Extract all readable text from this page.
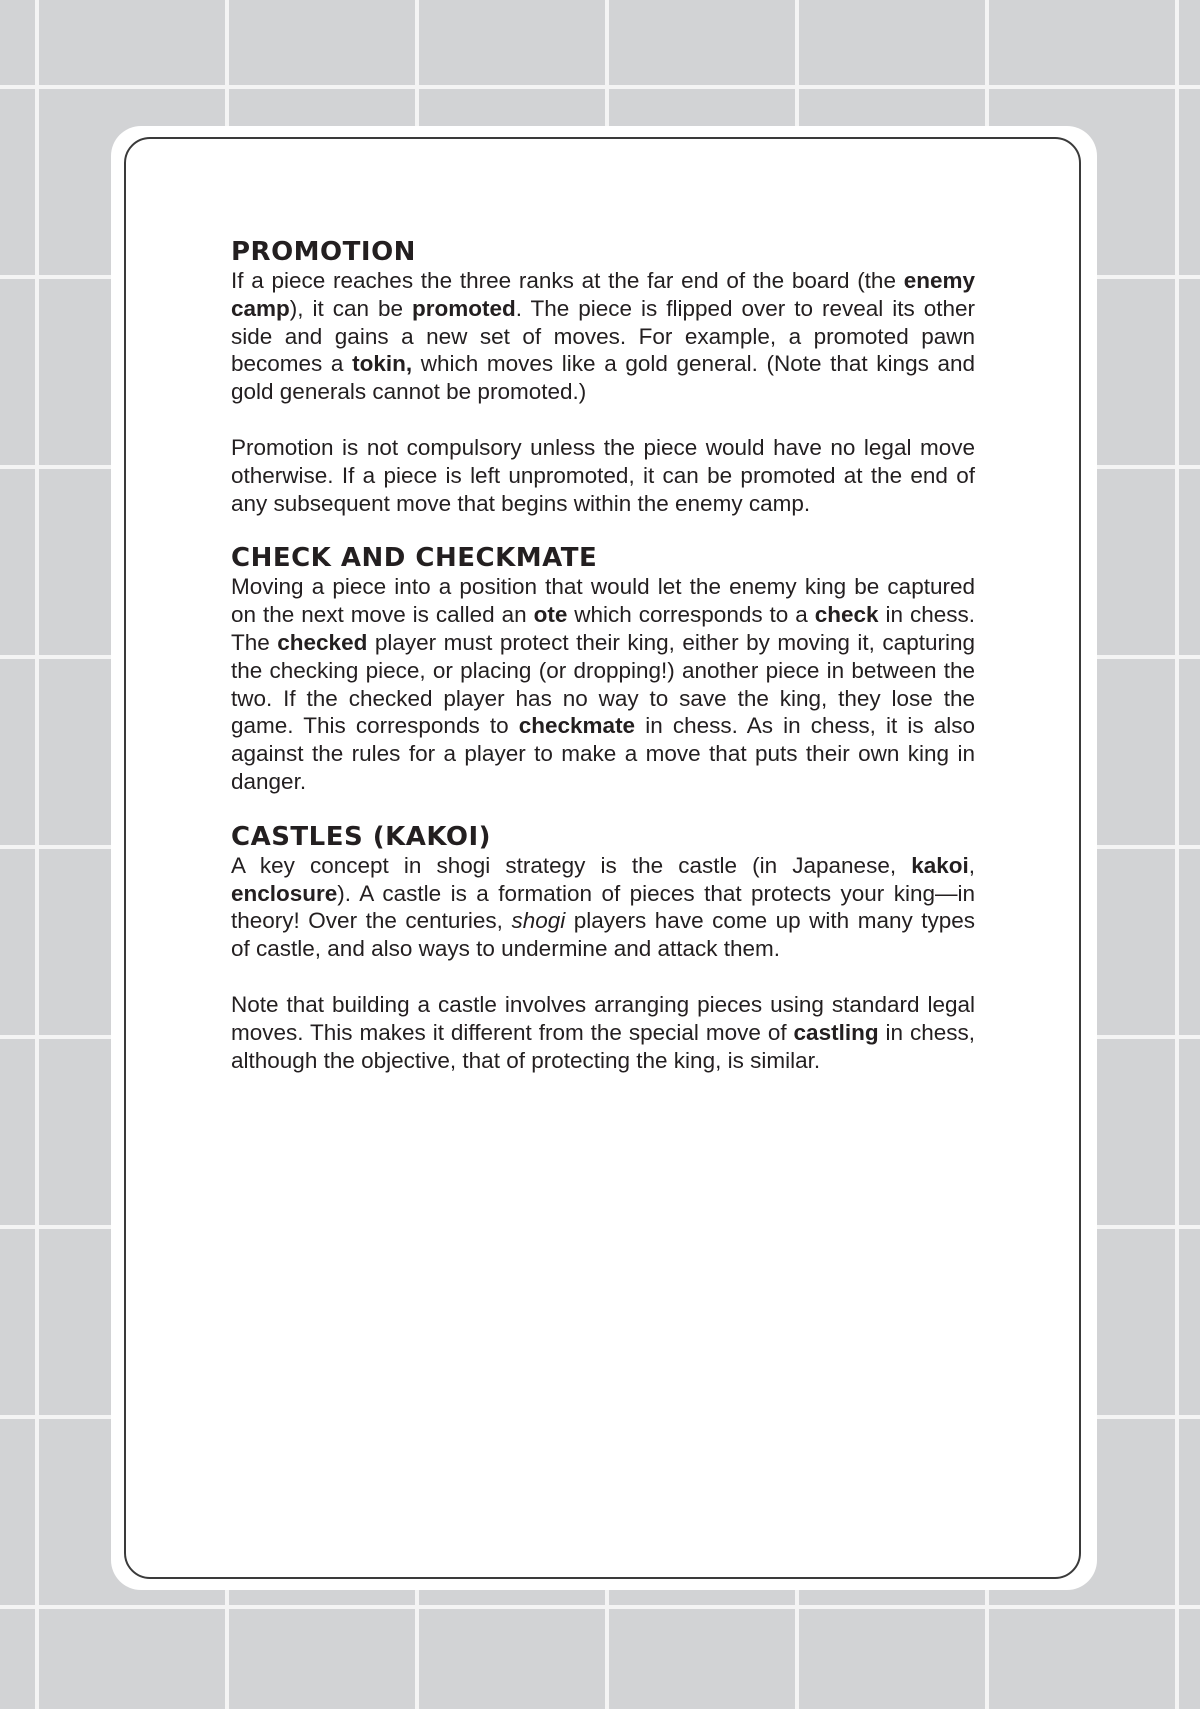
PROMOTION

If a piece reaches the three ranks at the far end of the board (the enemy camp), it can be promoted. The piece is flipped over to reveal its other side and gains a new set of moves. For example, a promoted pawn becomes a tokin, which moves like a gold general. (Note that kings and gold generals cannot be promoted.)

Promotion is not compulsory unless the piece would have no legal move otherwise. If a piece is left unpromoted, it can be promoted at the end of any subsequent move that begins within the enemy camp.

CHECK AND CHECKMATE

Moving a piece into a position that would let the enemy king be captured on the next move is called an ote which corresponds to a check in chess. The checked player must protect their king, either by moving it, capturing the checking piece, or placing (or dropping!) another piece in between the two. If the checked player has no way to save the king, they lose the game. This corresponds to checkmate in chess. As in chess, it is also against the rules for a player to make a move that puts their own king in danger.

CASTLES (KAKOI)

A key concept in shogi strategy is the castle (in Japanese, kakoi, enclosure). A castle is a formation of pieces that protects your king—in theory! Over the centuries, shogi players have come up with many types of castle, and also ways to undermine and attack them.

Note that building a castle involves arranging pieces using standard legal moves. This makes it different from the special move of castling in chess, although the objective, that of protecting the king, is similar.
